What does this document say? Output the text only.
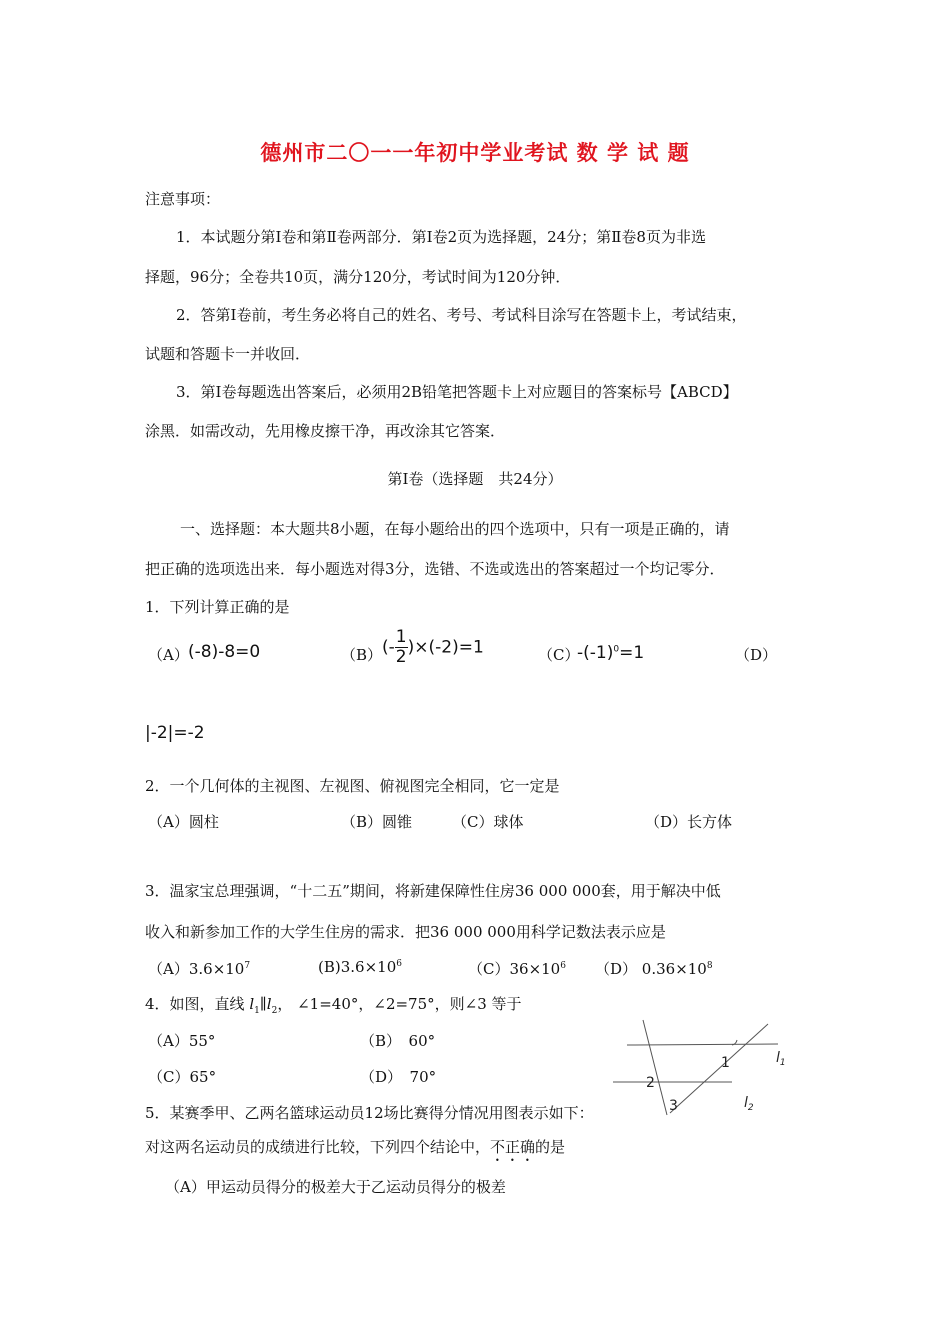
德州市二〇一一年初中学业考试 数 学 试 题
注意事项：
1．本试题分第Ⅰ卷和第Ⅱ卷两部分．第Ⅰ卷2页为选择题，24分；第Ⅱ卷8页为非选
择题，96分；全卷共10页，满分120分，考试时间为120分钟．
2．答第Ⅰ卷前，考生务必将自己的姓名、考号、考试科目涂写在答题卡上，考试结束，
试题和答题卡一并收回．
3．第Ⅰ卷每题选出答案后，必须用2B铅笔把答题卡上对应题目的答案标号【ABCD】
涂黑．如需改动，先用橡皮擦干净，再改涂其它答案．
第Ⅰ卷（选择题　共24分）
一、选择题：本大题共8小题，在每小题给出的四个选项中，只有一项是正确的，请
把正确的选项选出来．每小题选对得3分，选错、不选或选出的答案超过一个均记零分．
1．下列计算正确的是
（A） (-8)-8=0	（B） (- $\frac{1}{2} )\times(-2)=1$	（C）
$-(-1)^0=1$	（D）
|-2|=-2
2．一个几何体的主视图、左视图、俯视图完全相同，它一定是
（A）圆柱	（B）圆锥	（C）球体	（D）长方体
3．温家宝总理强调，“十二五”期间，将新建保障性住房36 000 000套，用于解决中低
收入和新参加工作的大学生住房的需求．把36 000 000用科学记数法表示应是
$(A)3.6\times 10^7$	$(B)3.6\times 10^6$	$(C)36\times 10^6$ （D） $0.36\times 10^8$
4．如图，直线 $l_1\parallel l_2$， ∠1=40°，∠2=75°，则∠3 等于
（A）55°	（B）　60°
（C）65°	（D）　70°
1
2
3
$l_1$
$l_2$
5．某赛季甲、乙两名篮球运动员12场比赛得分情况用图表示如下：
对这两名运动员的成绩进行比较，下列四个结论中，不正确的是
（A）甲运动员得分的极差大于乙运动员得分的极差
